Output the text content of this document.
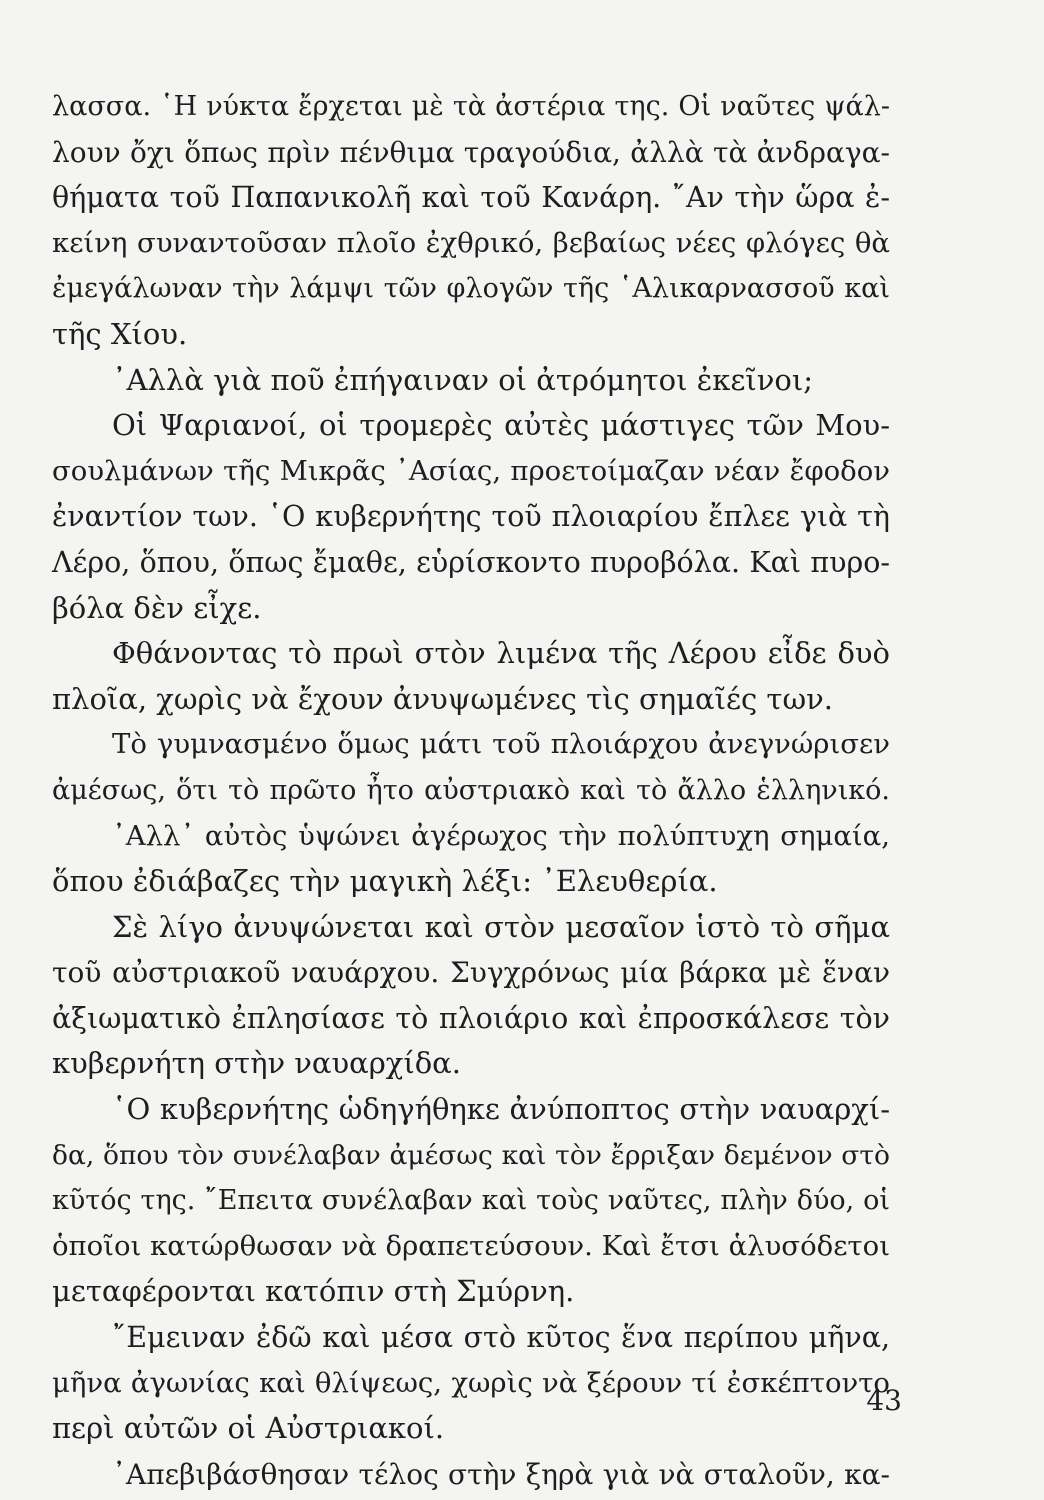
λασσα. ῾Η νύκτα ἔρχεται μὲ τὰ ἀστέρια της. Οἱ ναῦτες ψάλ-
λουν ὄχι ὅπως πρὶν πένθιμα τραγούδια, ἀλλὰ τὰ ἀνδραγα-
θήματα τοῦ Παπανικολῆ καὶ τοῦ Κανάρη. ῎Αν τὴν ὥρα ἐ-
κείνη συναντοῦσαν πλοῖο ἐχθρικό, βεβαίως νέες φλόγες θὰ
ἐμεγάλωναν τὴν λάμψι τῶν φλογῶν τῆς ῾Αλικαρνασσοῦ καὶ
τῆς Χίου.
᾿Αλλὰ γιὰ ποῦ ἐπήγαιναν οἱ ἀτρόμητοι ἐκεῖνοι;
Οἱ Ψαριανοί, οἱ τρομερὲς αὐτὲς μάστιγες τῶν Μου-
σουλμάνων τῆς Μικρᾶς ᾿Ασίας, προετοίμαζαν νέαν ἔφοδον
ἐναντίον των. ῾Ο κυβερνήτης τοῦ πλοιαρίου ἔπλεε γιὰ τὴ
Λέρο, ὅπου, ὅπως ἔμαθε, εὑρίσκοντο πυροβόλα. Καὶ πυρο-
βόλα δὲν εἶχε.
Φθάνοντας τὸ πρωὶ στὸν λιμένα τῆς Λέρου εἶδε δυὸ
πλοῖα, χωρὶς νὰ ἔχουν ἀνυψωμένες τὶς σημαῖές των.
Τὸ γυμνασμένο ὅμως μάτι τοῦ πλοιάρχου ἀνεγνώρισεν
ἀμέσως, ὅτι τὸ πρῶτο ἦτο αὐστριακὸ καὶ τὸ ἄλλο ἑλληνικό.
᾿Αλλ᾿ αὐτὸς ὑψώνει ἀγέρωχος τὴν πολύπτυχη σημαία,
ὅπου ἐδιάβαζες τὴν μαγικὴ λέξι: ᾿Ελευθερία.
Σὲ λίγο ἀνυψώνεται καὶ στὸν μεσαῖον ἱστὸ τὸ σῆμα
τοῦ αὐστριακοῦ ναυάρχου. Συγχρόνως μία βάρκα μὲ ἕναν
ἀξιωματικὸ ἐπλησίασε τὸ πλοιάριο καὶ ἐπροσκάλεσε τὸν
κυβερνήτη στὴν ναυαρχίδα.
῾Ο κυβερνήτης ὡδηγήθηκε ἀνύποπτος στὴν ναυαρχί-
δα, ὅπου τὸν συνέλαβαν ἀμέσως καὶ τὸν ἔρριξαν δεμένον στὸ
κῦτός της. ῎Επειτα συνέλαβαν καὶ τοὺς ναῦτες, πλὴν δύο, οἱ
ὁποῖοι κατώρθωσαν νὰ δραπετεύσουν. Καὶ ἔτσι ἁλυσόδετοι
μεταφέρονται κατόπιν στὴ Σμύρνη.
῎Εμειναν ἐδῶ καὶ μέσα στὸ κῦτος ἕνα περίπου μῆνα,
μῆνα ἀγωνίας καὶ θλίψεως, χωρὶς νὰ ξέρουν τί ἐσκέπτοντο
περὶ αὐτῶν οἱ Αὐστριακοί.
᾿Απεβιβάσθησαν τέλος στὴν ξηρὰ γιὰ νὰ σταλοῦν, κα-
43
